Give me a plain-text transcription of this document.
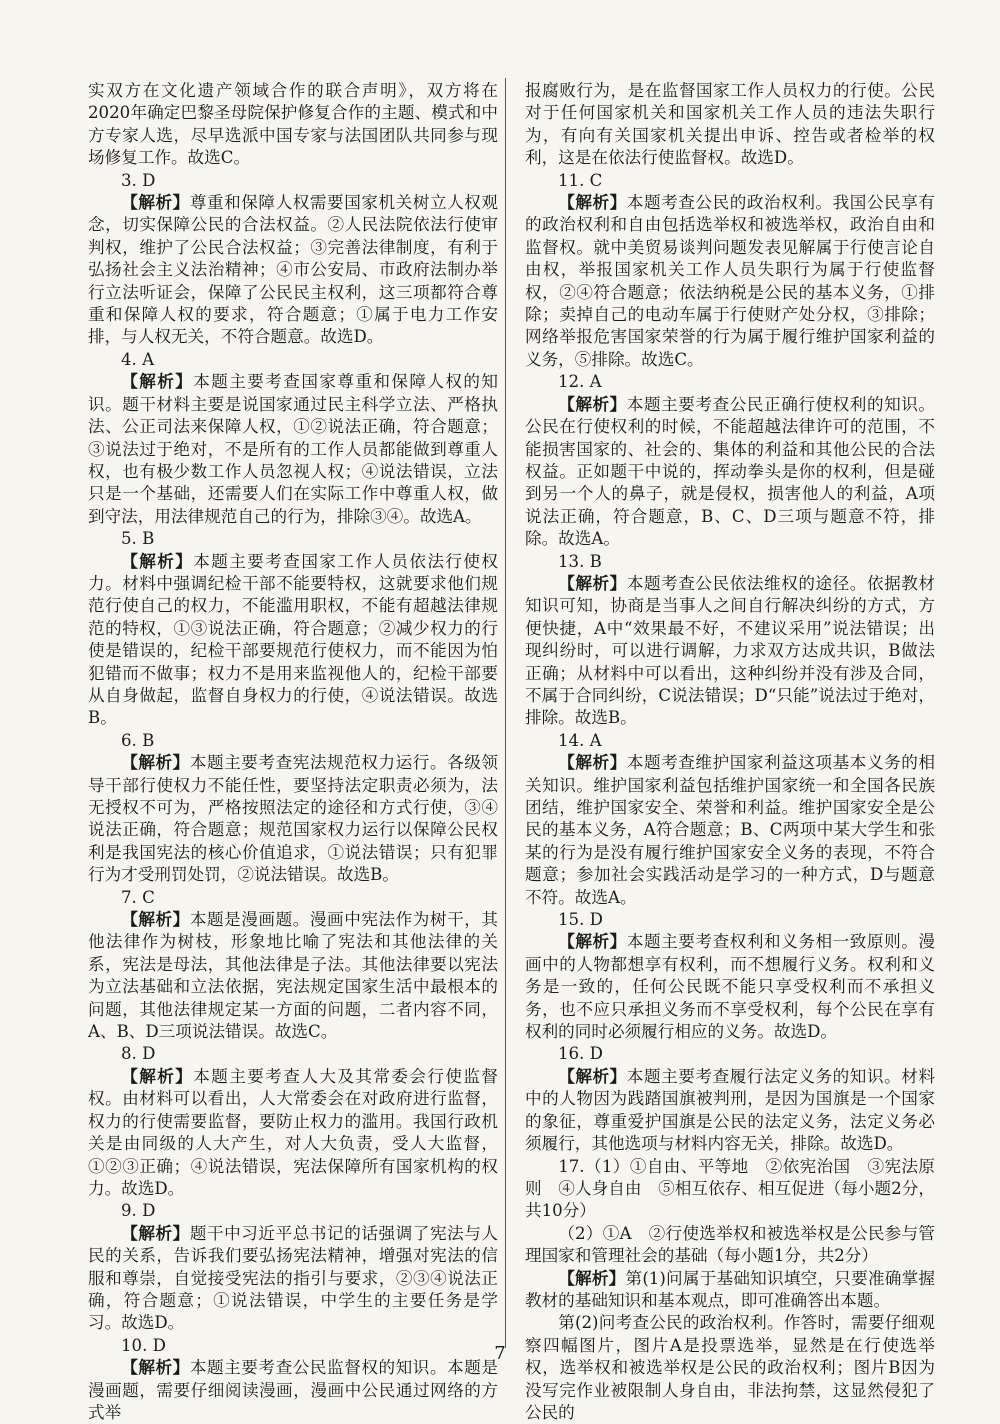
实双方在文化遗产领域合作的联合声明》，双方将在2020年确定巴黎圣母院保护修复合作的主题、模式和中方专家人选，尽早选派中国专家与法国团队共同参与现场修复工作。故选C。

3. D

【 解析 】 尊重和保障人权需要国家机关树立人权观念，切实保障公民的合法权益。②人民法院依法行使审判权，维护了公民合法权益；③完善法律制度，有利于弘扬社会主义法治精神；④市公安局、市政府法制办举行立法听证会，保障了公民民主权利，这三项都符合尊重和保障人权的要求，符合题意；①属于电力工作安排，与人权无关，不符合题意。故选D。

4. A

【 解析 】 本题主要考查国家尊重和保障人权的知识。题干材料主要是说国家通过民主科学立法、严格执法、公正司法来保障人权，①②说法正确，符合题意；③说法过于绝对，不是所有的工作人员都能做到尊重人权，也有极少数工作人员忽视人权；④说法错误，立法只是一个基础，还需要人们在实际工作中尊重人权，做到守法，用法律规范自己的行为，排除③④。故选A。

5. B

【 解析 】 本题主要考查国家工作人员依法行使权力。材料中强调纪检干部不能要特权，这就要求他们规范行使自己的权力，不能滥用职权，不能有超越法律规范的特权，①③说法正确，符合题意；②减少权力的行使是错误的，纪检干部要规范行使权力，而不能因为怕犯错而不做事；权力不是用来监视他人的，纪检干部要从自身做起，监督自身权力的行使，④说法错误。故选B。

6. B

【 解析 】 本题主要考查宪法规范权力运行。各级领导干部行使权力不能任性，要坚持法定职责必须为，法无授权不可为，严格按照法定的途径和方式行使，③④说法正确，符合题意；规范国家权力运行以保障公民权利是我国宪法的核心价值追求，①说法错误；只有犯罪行为才受刑罚处罚，②说法错误。故选B。

7. C

【 解析 】 本题是漫画题。漫画中宪法作为树干，其他法律作为树枝，形象地比喻了宪法和其他法律的关系，宪法是母法，其他法律是子法。其他法律要以宪法为立法基础和立法依据，宪法规定国家生活中最根本的问题，其他法律规定某一方面的问题，二者内容不同，A、B、D三项说法错误。故选C。

8. D

【 解析 】 本题主要考查人大及其常委会行使监督权。由材料可以看出，人大常委会在对政府进行监督，权力的行使需要监督，要防止权力的滥用。我国行政机关是由同级的人大产生，对人大负责，受人大监督，①②③正确；④说法错误，宪法保障所有国家机构的权力。故选D。

9. D

【 解析 】 题干中习近平总书记的话强调了宪法与人民的关系，告诉我们要弘扬宪法精神，增强对宪法的信服和尊崇，自觉接受宪法的指引与要求，②③④说法正确，符合题意；①说法错误，中学生的主要任务是学习。故选D。

10. D

【 解析 】 本题主要考查公民监督权的知识。本题是漫画题，需要仔细阅读漫画，漫画中公民通过网络的方式举

报腐败行为，是在监督国家工作人员权力的行使。公民对于任何国家机关和国家机关工作人员的违法失职行为，有向有关国家机关提出申诉、控告或者检举的权利，这是在依法行使监督权。故选D。

11. C

【 解析 】 本题考查公民的政治权利。我国公民享有的政治权利和自由包括选举权和被选举权，政治自由和监督权。就中美贸易谈判问题发表见解属于行使言论自由权，举报国家机关工作人员失职行为属于行使监督权，②④符合题意；依法纳税是公民的基本义务，①排除；卖掉自己的电动车属于行使财产处分权，③排除；网络举报危害国家荣誉的行为属于履行维护国家利益的义务，⑤排除。故选C。

12. A

【 解析 】 本题主要考查公民正确行使权利的知识。公民在行使权利的时候，不能超越法律许可的范围，不能损害国家的、社会的、集体的利益和其他公民的合法权益。正如题干中说的，挥动拳头是你的权利，但是碰到另一个人的鼻子，就是侵权，损害他人的利益，A项说法正确，符合题意，B、C、D三项与题意不符，排除。故选A。

13. B

【 解析 】 本题考查公民依法维权的途径。依据教材知识可知，协商是当事人之间自行解决纠纷的方式，方便快捷，A中“效果最不好，不建议采用”说法错误；出现纠纷时，可以进行调解，力求双方达成共识，B做法正确；从材料中可以看出，这种纠纷并没有涉及合同，不属于合同纠纷，C说法错误；D“只能”说法过于绝对，排除。故选B。

14. A

【 解析 】 本题考查维护国家利益这项基本义务的相关知识。维护国家利益包括维护国家统一和全国各民族团结，维护国家安全、荣誉和利益。维护国家安全是公民的基本义务，A符合题意；B、C两项中某大学生和张某的行为是没有履行维护国家安全义务的表现，不符合题意；参加社会实践活动是学习的一种方式，D与题意不符。故选A。

15. D

【 解析 】 本题主要考查权利和义务相一致原则。漫画中的人物都想享有权利，而不想履行义务。权利和义务是一致的，任何公民既不能只享受权利而不承担义务，也不应只承担义务而不享受权利，每个公民在享有权利的同时必须履行相应的义务。故选D。

16. D

【 解析 】 本题主要考查履行法定义务的知识。材料中的人物因为践踏国旗被判刑，是因为国旗是一个国家的象征，尊重爱护国旗是公民的法定义务，法定义务必须履行，其他选项与材料内容无关，排除。故选D。

17.（1）①自由、平等地　②依宪治国　③宪法原则　④人身自由　⑤相互依存、相互促进（每小题2分，共10分）

（2）①A　②行使选举权和被选举权是公民参与管理国家和管理社会的基础（每小题1分，共2分）

【 解析 】 第(1)问属于基础知识填空，只要准确掌握教材的基础知识和基本观点，即可准确答出本题。

第(2)问考查公民的政治权利。作答时，需要仔细观察四幅图片，图片A是投票选举，显然是在行使选举权，选举权和被选举权是公民的政治权利；图片B因为没写完作业被限制人身自由，非法拘禁，这显然侵犯了公民的

7
